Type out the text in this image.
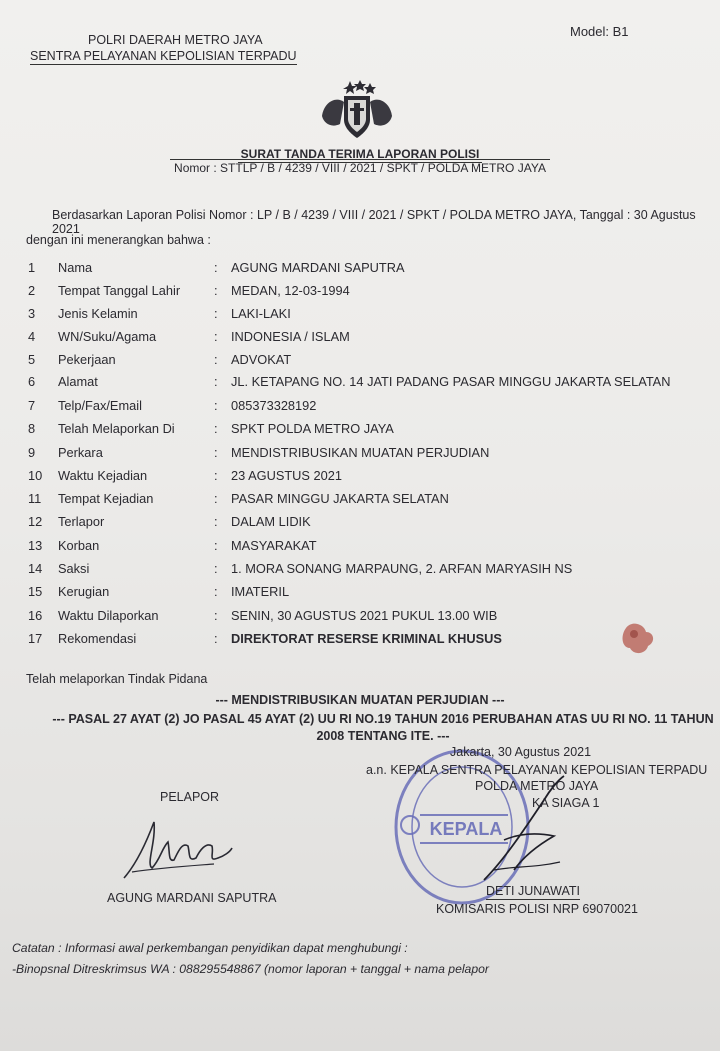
Model: B1
POLRI DAERAH METRO JAYA
SENTRA PELAYANAN KEPOLISIAN TERPADU
SURAT TANDA TERIMA LAPORAN POLISI
Nomor : STTLP / B / 4239 / VIII / 2021 / SPKT / POLDA METRO JAYA
Berdasarkan Laporan Polisi Nomor : LP / B / 4239 / VIII / 2021 / SPKT / POLDA METRO JAYA, Tanggal : 30 Agustus 2021
dengan ini menerangkan bahwa :
1	Nama	: AGUNG MARDANI SAPUTRA
2	Tempat Tanggal Lahir	: MEDAN, 12-03-1994
3	Jenis Kelamin	: LAKI-LAKI
4	WN/Suku/Agama	: INDONESIA / ISLAM
5	Pekerjaan	: ADVOKAT
6	Alamat	: JL. KETAPANG NO. 14 JATI PADANG PASAR MINGGU JAKARTA SELATAN
7	Telp/Fax/Email	: 085373328192
8	Telah Melaporkan Di	: SPKT POLDA METRO JAYA
9	Perkara	: MENDISTRIBUSIKAN MUATAN PERJUDIAN
10	Waktu Kejadian	: 23 AGUSTUS 2021
11	Tempat Kejadian	: PASAR MINGGU JAKARTA SELATAN
12	Terlapor	: DALAM LIDIK
13	Korban	: MASYARAKAT
14	Saksi	: 1. MORA SONANG MARPAUNG, 2. ARFAN MARYASIH NS
15	Kerugian	: IMATERIL
16	Waktu Dilaporkan	: SENIN, 30 AGUSTUS 2021 PUKUL 13.00 WIB
17	Rekomendasi	: DIREKTORAT RESERSE KRIMINAL KHUSUS
Telah melaporkan Tindak Pidana
--- MENDISTRIBUSIKAN MUATAN PERJUDIAN ---
--- PASAL 27 AYAT (2) JO PASAL 45 AYAT (2) UU RI NO.19 TAHUN 2016 PERUBAHAN ATAS UU RI NO. 11 TAHUN 2008 TENTANG ITE. ---
KEPALA
Jakarta, 30 Agustus 2021
a.n. KEPALA SENTRA PELAYANAN KEPOLISIAN TERPADU
POLDA METRO JAYA
KA SIAGA 1
PELAPOR
AGUNG MARDANI SAPUTRA	DETI JUNAWATI
KOMISARIS POLISI NRP 69070021
Catatan : Informasi awal perkembangan penyidikan dapat menghubungi :
-Binopsnal Ditreskrimsus WA : 088295548867 (nomor laporan + tanggal + nama pelapor
